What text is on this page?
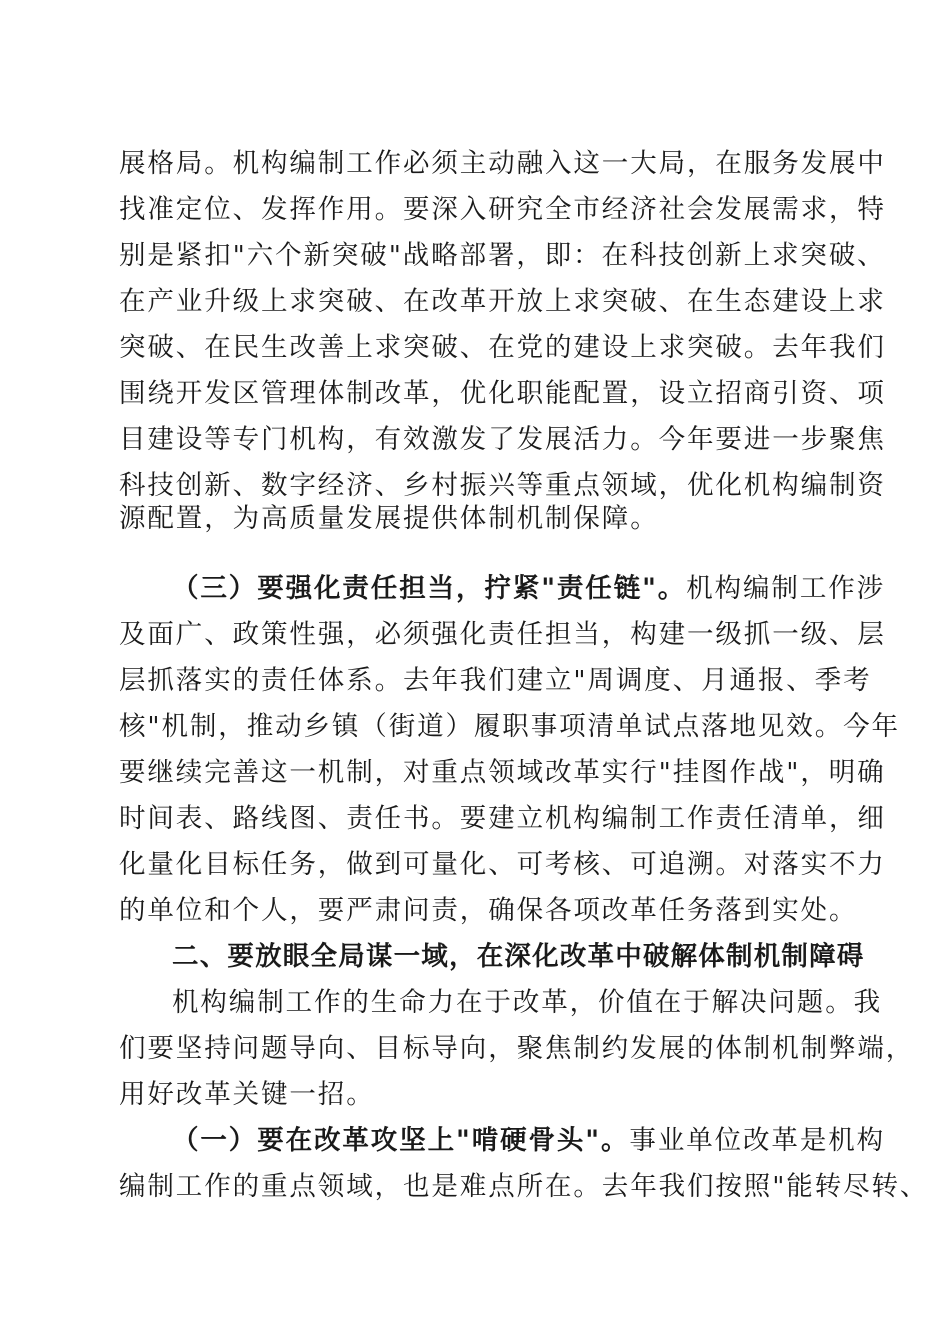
展格局。机构编制工作必须主动融入这一大局，在服务发展中
找准定位、发挥作用。要深入研究全市经济社会发展需求，特
别是紧扣"六个新突破"战略部署，即：在科技创新上求突破、
在产业升级上求突破、在改革开放上求突破、在生态建设上求
突破、在民生改善上求突破、在党的建设上求突破。去年我们
围绕开发区管理体制改革，优化职能配置，设立招商引资、项
目建设等专门机构，有效激发了发展活力。今年要进一步聚焦
科技创新、数字经济、乡村振兴等重点领域，优化机构编制资
源配置，为高质量发展提供体制机制保障。
（三）要强化责任担当，拧紧"责任链"。机构编制工作涉
及面广、政策性强，必须强化责任担当，构建一级抓一级、层
层抓落实的责任体系。去年我们建立"周调度、月通报、季考
核"机制，推动乡镇（街道）履职事项清单试点落地见效。今年
要继续完善这一机制，对重点领域改革实行"挂图作战"，明确
时间表、路线图、责任书。要建立机构编制工作责任清单，细
化量化目标任务，做到可量化、可考核、可追溯。对落实不力
的单位和个人，要严肃问责，确保各项改革任务落到实处。
二、要放眼全局谋一域，在深化改革中破解体制机制障碍
机构编制工作的生命力在于改革，价值在于解决问题。我
们要坚持问题导向、目标导向，聚焦制约发展的体制机制弊端，
用好改革关键一招。
（一）要在改革攻坚上"啃硬骨头"。事业单位改革是机构
编制工作的重点领域，也是难点所在。去年我们按照"能转尽转、
